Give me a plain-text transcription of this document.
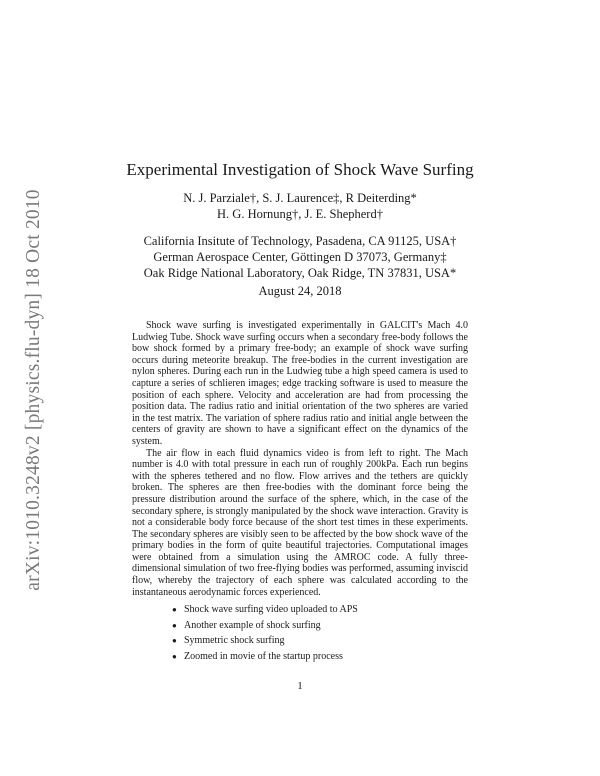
arXiv:1010.3248v2 [physics.flu-dyn] 18 Oct 2010
Experimental Investigation of Shock Wave Surfing
N. J. Parziale†, S. J. Laurence‡, R Deiterding*
H. G. Hornung†, J. E. Shepherd†
California Insitute of Technology, Pasadena, CA 91125, USA†
German Aerospace Center, Göttingen D 37073, Germany‡
Oak Ridge National Laboratory, Oak Ridge, TN 37831, USA*
August 24, 2018

Shock wave surfing is investigated experimentally in GALCIT's Mach 4.0 Ludwieg Tube. Shock wave surfing occurs when a secondary free-body follows the bow shock formed by a primary free-body; an example of shock wave surfing occurs during meteorite breakup. The free-bodies in the current investigation are nylon spheres. During each run in the Ludwieg tube a high speed camera is used to capture a series of schlieren images; edge tracking software is used to measure the position of each sphere. Velocity and acceleration are had from processing the position data. The radius ratio and initial orientation of the two spheres are varied in the test matrix. The variation of sphere radius ratio and initial angle between the centers of gravity are shown to have a significant effect on the dynamics of the system.

The air flow in each fluid dynamics video is from left to right. The Mach number is 4.0 with total pressure in each run of roughly 200kPa. Each run begins with the spheres tethered and no flow. Flow arrives and the tethers are quickly broken. The spheres are then free-bodies with the dominant force being the pressure distribution around the surface of the sphere, which, in the case of the secondary sphere, is strongly manipulated by the shock wave interaction. Gravity is not a considerable body force because of the short test times in these experiments. The secondary spheres are visibly seen to be affected by the bow shock wave of the primary bodies in the form of quite beautiful trajectories. Computational images were obtained from a simulation using the AMROC code. A fully three-dimensional simulation of two free-flying bodies was performed, assuming inviscid flow, whereby the trajectory of each sphere was calculated according to the instantaneous aerodynamic forces experienced.

● Shock wave surfing video uploaded to APS
● Another example of shock surfing
● Symmetric shock surfing
● Zoomed in movie of the startup process
1
